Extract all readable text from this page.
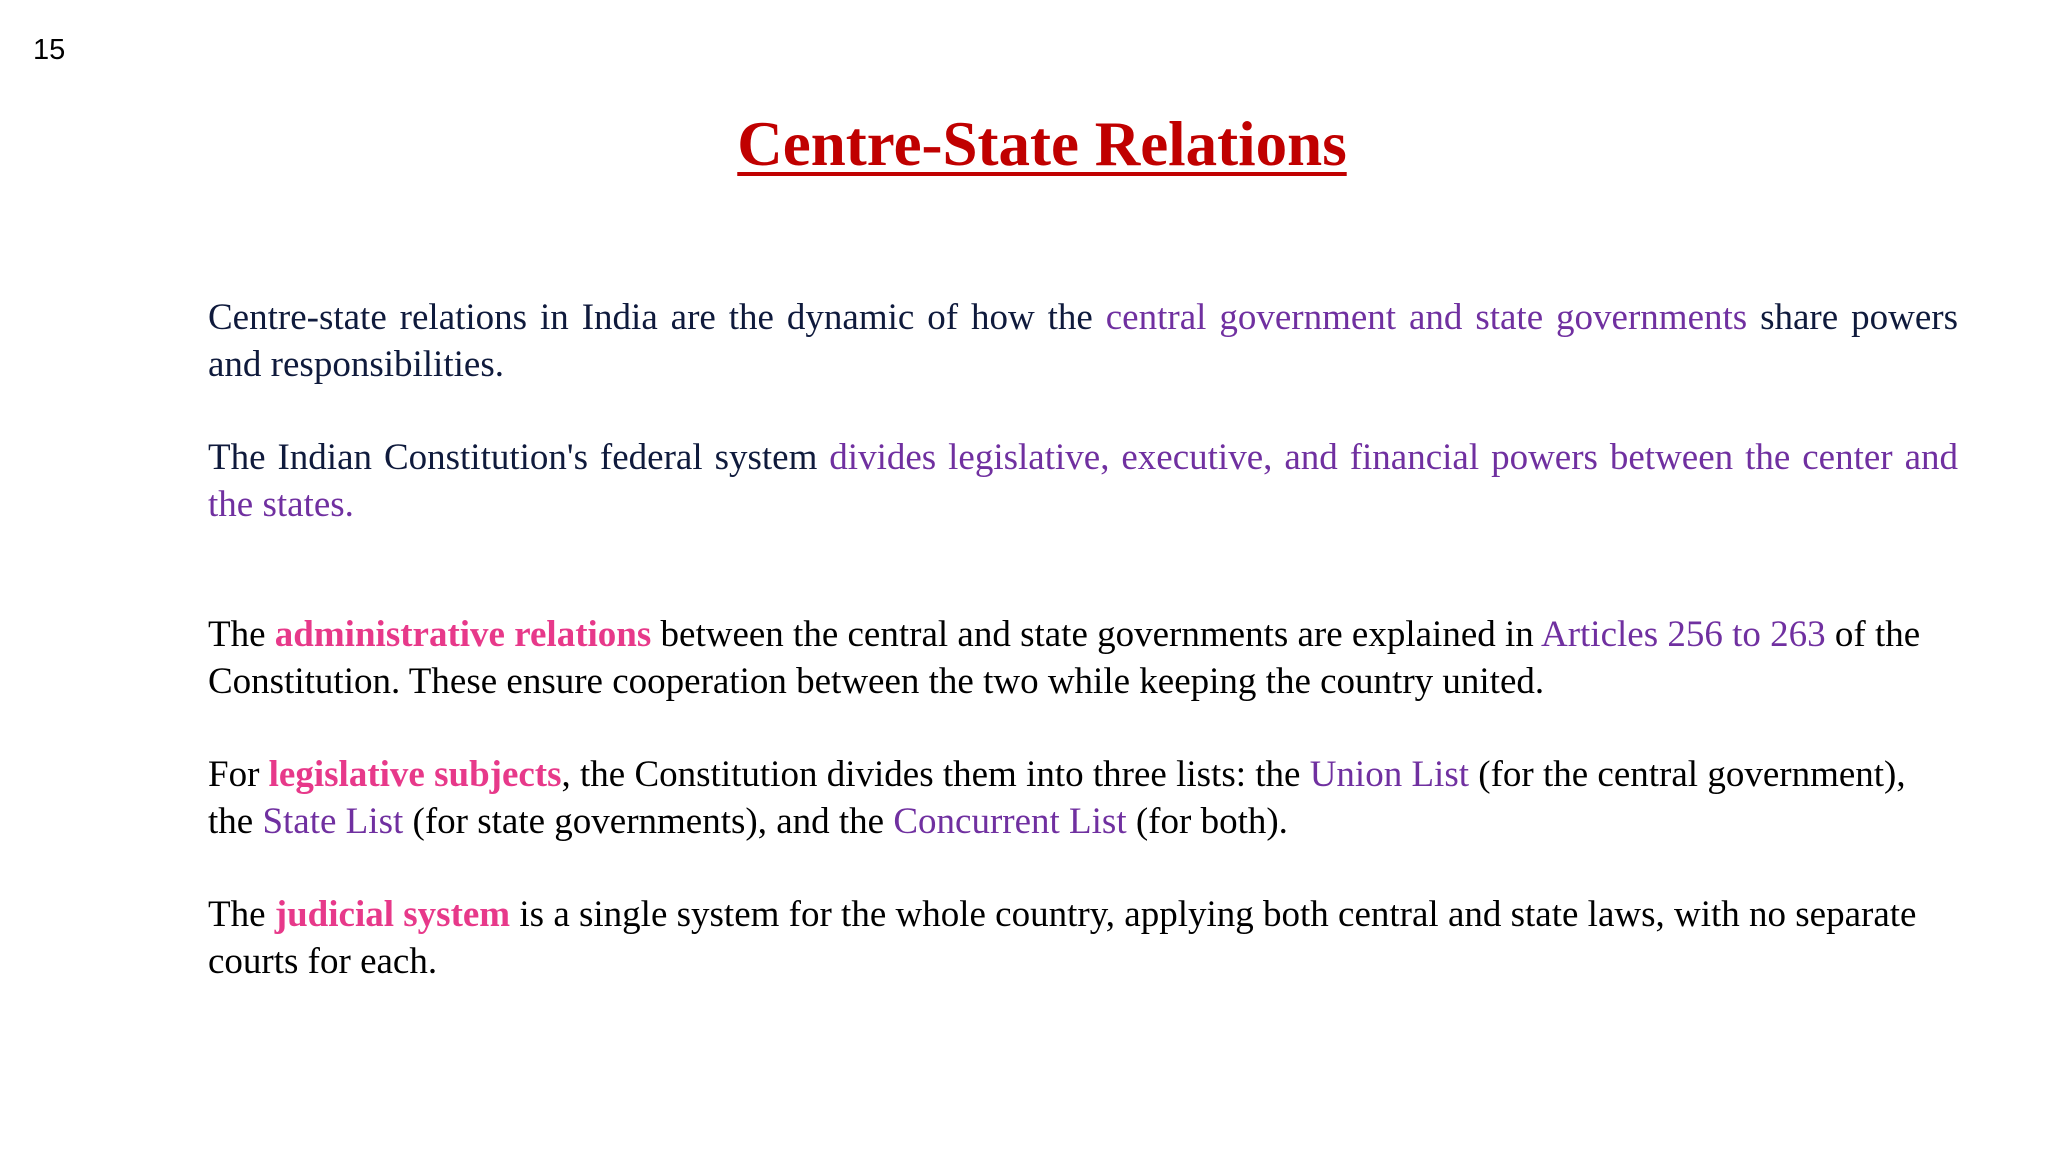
15
Centre-State Relations

Centre-state relations in India are the dynamic of how the central government and state governments share powers and responsibilities.

The Indian Constitution's federal system divides legislative, executive, and financial powers between the center and the states.

The administrative relations between the central and state governments are explained in Articles 256 to 263 of the Constitution. These ensure cooperation between the two while keeping the country united.

For legislative subjects, the Constitution divides them into three lists: the Union List (for the central government), the State List (for state governments), and the Concurrent List (for both).

The judicial system is a single system for the whole country, applying both central and state laws, with no separate courts for each.
